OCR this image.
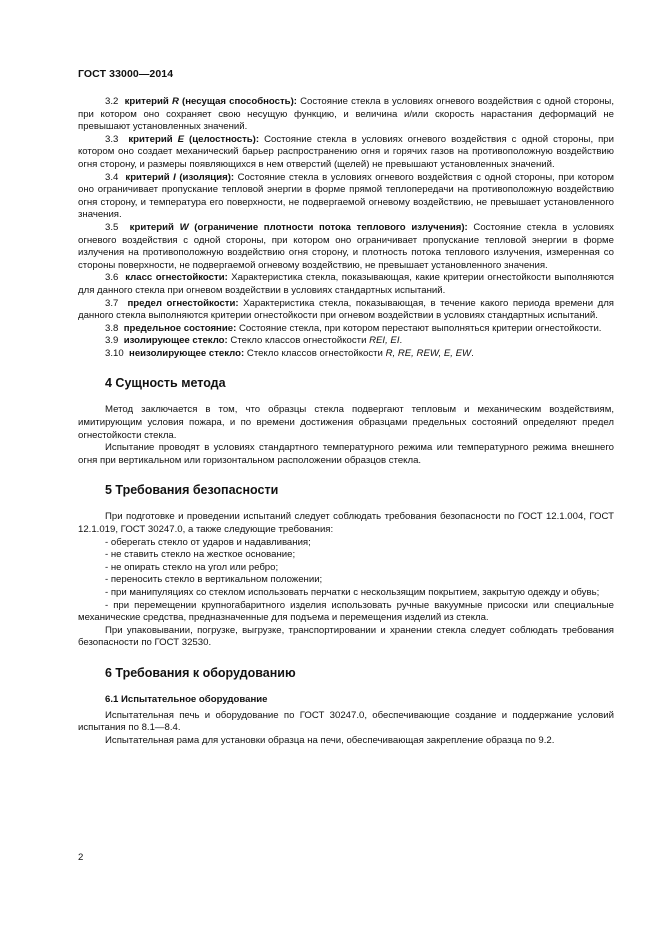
ГОСТ 33000—2014

3.2 критерий R (несущая способность): Состояние стекла в условиях огневого воздействия с одной стороны, при котором оно сохраняет свою несущую функцию, и величина и/или скорость нарастания деформаций не превышают установленных значений.

3.3 критерий E (целостность): Состояние стекла в условиях огневого воздействия с одной стороны, при котором оно создает механический барьер распространению огня и горячих газов на противоположную воздействию огня сторону, и размеры появляющихся в нем отверстий (щелей) не превышают установленных значений.

3.4 критерий I (изоляция): Состояние стекла в условиях огневого воздействия с одной стороны, при котором оно ограничивает пропускание тепловой энергии в форме прямой теплопередачи на противоположную воздействию огня сторону, и температура его поверхности, не подвергаемой огневому воздействию, не превышает установленного значения.

3.5 критерий W (ограничение плотности потока теплового излучения): Состояние стекла в условиях огневого воздействия с одной стороны, при котором оно ограничивает пропускание тепловой энергии в форме излучения на противоположную воздействию огня сторону, и плотность потока теплового излучения, измеренная со стороны поверхности, не подвергаемой огневому воздействию, не превышает установленного значения.

3.6 класс огнестойкости: Характеристика стекла, показывающая, какие критерии огнестойкости выполняются для данного стекла при огневом воздействии в условиях стандартных испытаний.

3.7 предел огнестойкости: Характеристика стекла, показывающая, в течение какого периода времени для данного стекла выполняются критерии огнестойкости при огневом воздействии в условиях стандартных испытаний.

3.8 предельное состояние: Состояние стекла, при котором перестают выполняться критерии огнестойкости.

3.9 изолирующее стекло: Стекло классов огнестойкости REI, EI.

3.10 неизолирующее стекло: Стекло классов огнестойкости R, RE, REW, E, EW.

4 Сущность метода

Метод заключается в том, что образцы стекла подвергают тепловым и механическим воздействиям, имитирующим условия пожара, и по времени достижения образцами предельных состояний определяют предел огнестойкости стекла.

Испытание проводят в условиях стандартного температурного режима или температурного режима внешнего огня при вертикальном или горизонтальном расположении образцов стекла.

5 Требования безопасности

При подготовке и проведении испытаний следует соблюдать требования безопасности по ГОСТ 12.1.004, ГОСТ 12.1.019, ГОСТ 30247.0, а также следующие требования:

- оберегать стекло от ударов и надавливания;

- не ставить стекло на жесткое основание;

- не опирать стекло на угол или ребро;

- переносить стекло в вертикальном положении;

- при манипуляциях со стеклом использовать перчатки с нескользящим покрытием, закрытую одежду и обувь;

- при перемещении крупногабаритного изделия использовать ручные вакуумные присоски или специальные механические средства, предназначенные для подъема и перемещения изделий из стекла.

При упаковывании, погрузке, выгрузке, транспортировании и хранении стекла следует соблюдать требования безопасности по ГОСТ 32530.

6 Требования к оборудованию
6.1 Испытательное оборудование

Испытательная печь и оборудование по ГОСТ 30247.0, обеспечивающие создание и поддержание условий испытания по 8.1—8.4.

Испытательная рама для установки образца на печи, обеспечивающая закрепление образца по 9.2.

2
